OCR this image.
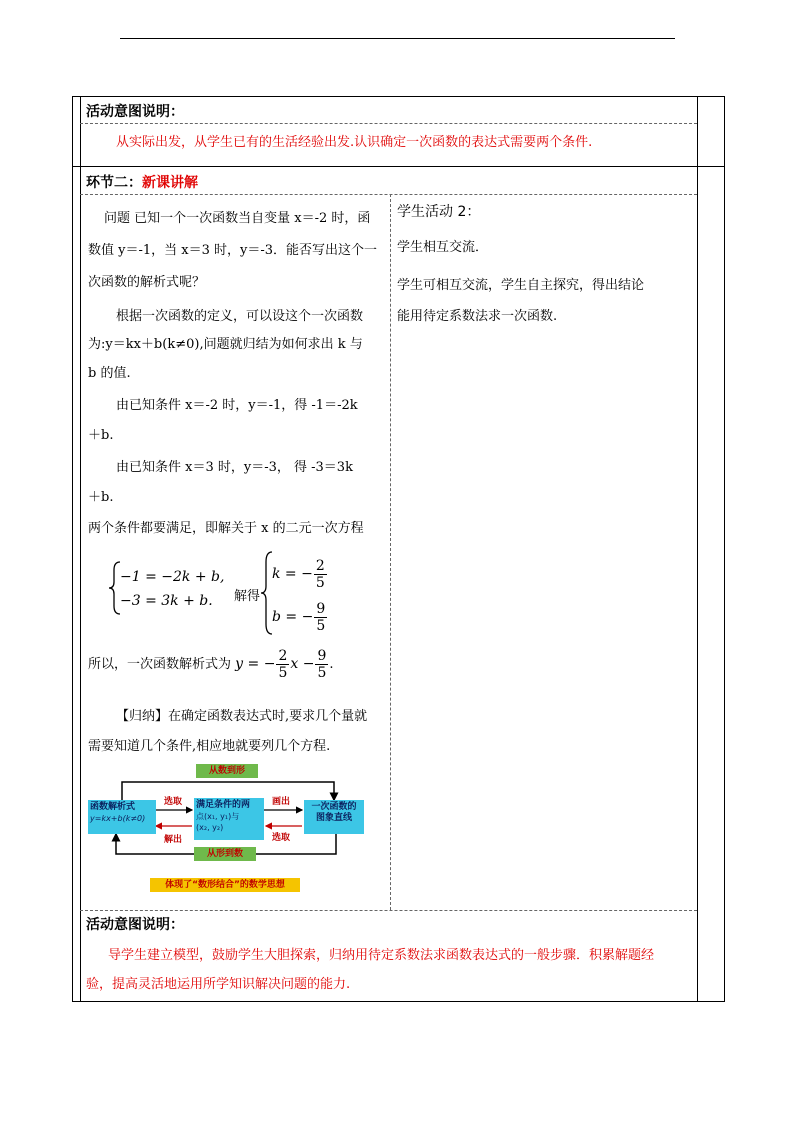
活动意图说明：
从实际出发，从学生已有的生活经验出发.认识确定一次函数的表达式需要两个条件.
环节二：新课讲解
问题 已知一个一次函数当自变量 x＝-2 时，函
数值 y＝-1，当 x＝3 时，y＝-3．能否写出这个一
次函数的解析式呢？
根据一次函数的定义，可以设这个一次函数
为:y＝kx＋b(k≠0),问题就归结为如何求出 k 与
b 的值.
由已知条件 x＝-2 时，y＝-1，得 -1＝-2k
＋b.
由已知条件 x＝3 时，y＝-3， 得 -3＝3k
＋b.
两个条件都要满足，即解关于 x 的二元一次方程
−1 = −2k + b,
−3 = 3k + b. 解得
k = − $\frac{2}{5}$
b = − $\frac{9}{5}$
所以，一次函数解析式为 y = − $\frac{2}{5}$ $x - \frac{9}{5}$ .
【归纳】在确定函数表达式时,要求几个量就
需要知道几个条件,相应地就要列几个方程.
从数到形
从形到数
函数解析式
y=kx+b(k≠0)
满足条件的两
点(x₁, y₁)与
(x₂, y₂)
一次函数的
图象直线
选取
解出
画出
选取
体现了“数形结合”的数学思想
学生活动 2：
学生相互交流．
学生可相互交流，学生自主探究，得出结论
能用待定系数法求一次函数.
活动意图说明：
导学生建立模型，鼓励学生大胆探索，归纳用待定系数法求函数表达式的一般步骤．积累解题经
验，提高灵活地运用所学知识解决问题的能力.
